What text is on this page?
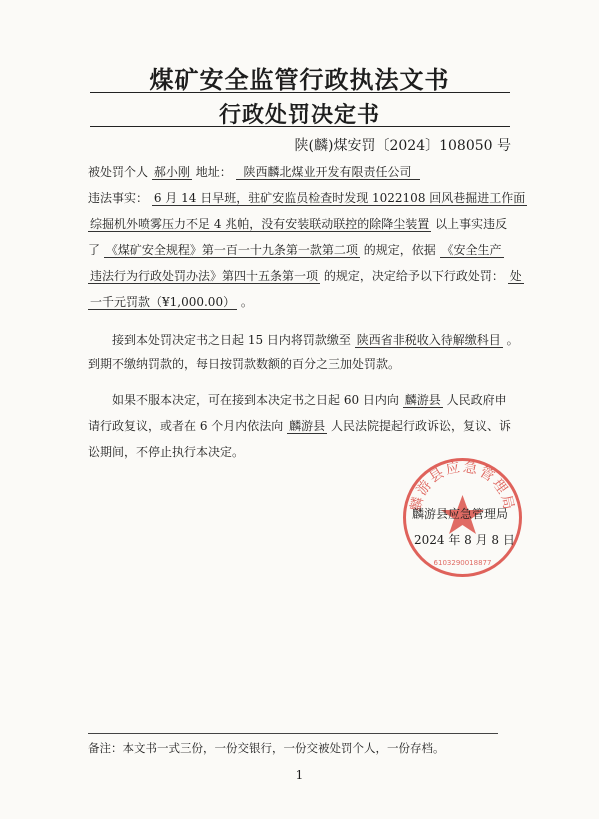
煤矿安全监管行政执法文书
行政处罚决定书
陕(麟)煤安罚〔2024〕108050 号
被处罚个人 郝小刚 地址： 陕西麟北煤业开发有限责任公司
违法事实： 6 月 14 日早班，驻矿安监员检查时发现 1022108 回风巷掘进工作面
综掘机外喷雾压力不足 4 兆帕，没有安装联动联控的除降尘装置 以上事实违反
了 《煤矿安全规程》第一百一十九条第一款第二项 的规定，依据 《安全生产
违法行为行政处罚办法》第四十五条第一项 的规定，决定给予以下行政处罚： 处
一千元罚款（¥1,000.00） 。
接到本处罚决定书之日起 15 日内将罚款缴至 陕西省非税收入待解缴科目 。
到期不缴纳罚款的，每日按罚款数额的百分之三加处罚款。
如果不服本决定，可在接到本决定书之日起 60 日内向 麟游县 人民政府申
请行政复议，或者在 6 个月内依法向 麟游县 人民法院提起行政诉讼，复议、诉
讼期间，不停止执行本决定。
麟游县应急管理局
6103290018877
麟游县应急管理局
2024 年 8 月 8 日
备注：本文书一式三份，一份交银行，一份交被处罚个人，一份存档。
1
